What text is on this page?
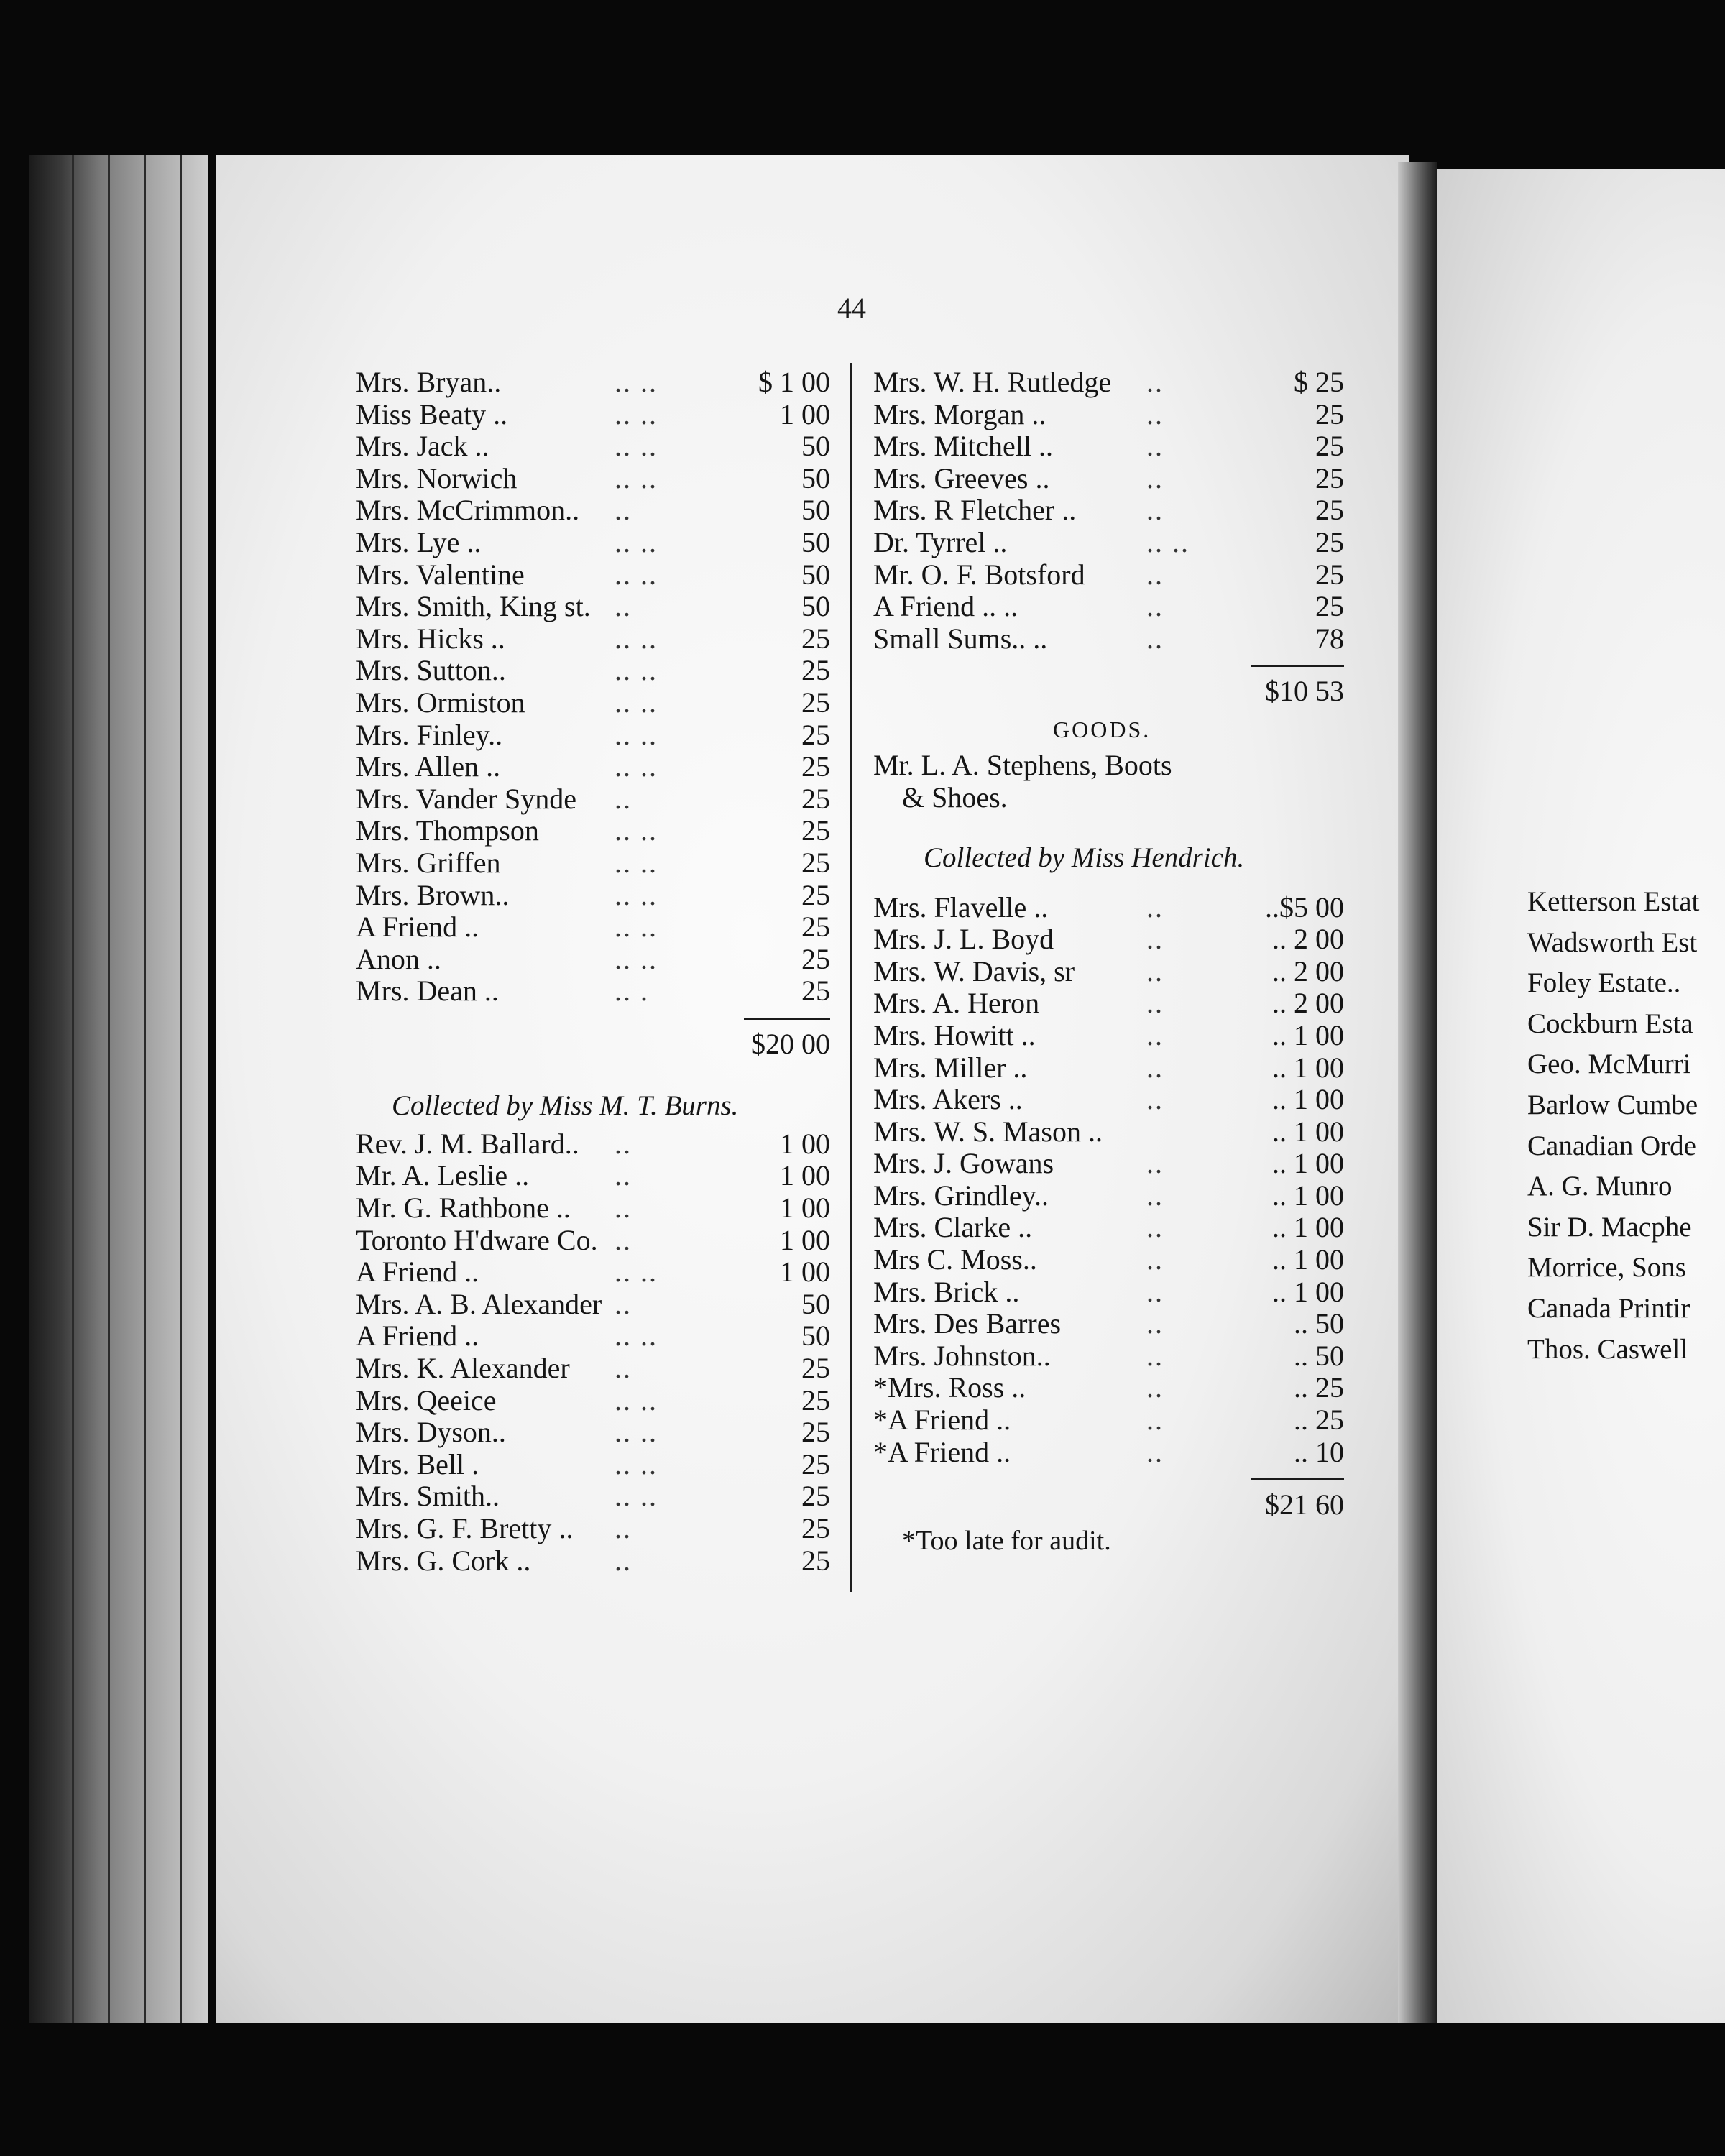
44
Mrs. Bryan..	.. ..	$ 1 00
Miss Beaty ..	.. ..	1 00
Mrs. Jack ..	.. ..	50
Mrs. Norwich	.. ..	50
Mrs. McCrimmon.. ..	50
Mrs. Lye ..	.. ..	50
Mrs. Valentine	.. ..	50
Mrs. Smith, King st. ..	50
Mrs. Hicks ..	.. ..	25
Mrs. Sutton..	.. ..	25
Mrs. Ormiston	.. ..	25
Mrs. Finley..	.. ..	25
Mrs. Allen ..	.. ..	25
Mrs. Vander Synde ..	25
Mrs. Thompson	.. ..	25
Mrs. Griffen	.. ..	25
Mrs. Brown..	.. ..	25
A Friend ..	.. ..	25
Anon ..	.. ..	25
Mrs. Dean ..	.. .	25
$20 00
Collected by Miss M. T. Burns.
Rev. J. M. Ballard.. ..	1 00
Mr. A. Leslie ..	..	1 00
Mr. G. Rathbone .. ..	1 00
Toronto H'dware Co. ..	1 00
A Friend ..	.. ..	1 00
Mrs. A. B. Alexander ..	50
A Friend ..	.. ..	50
Mrs. K. Alexander ..	25
Mrs. Qeeice	.. ..	25
Mrs. Dyson..	.. ..	25
Mrs. Bell .	.. ..	25
Mrs. Smith..	.. ..	25
Mrs. G. F. Bretty .. ..	25
Mrs. G. Cork ..	..	25
Mrs. W. H. Rutledge ..	$ 25
Mrs. Morgan ..	..	25
Mrs. Mitchell ..	..	25
Mrs. Greeves ..	..	25
Mrs. R Fletcher .. ..	25
Dr. Tyrrel ..	.. ..	25
Mr. O. F. Botsford ..	25
A Friend .. ..	..	25
Small Sums.. ..	..	78
$10 53
GOODS.
Mr. L. A. Stephens, Boots
& Shoes.
Collected by Miss Hendrich.
Mrs. Flavelle ..	..	..$5 00
Mrs. J. L. Boyd	..	.. 2 00
Mrs. W. Davis, sr ..	.. 2 00
Mrs. A. Heron	..	.. 2 00
Mrs. Howitt ..	..	.. 1 00
Mrs. Miller ..	..	.. 1 00
Mrs. Akers ..	..	.. 1 00
Mrs. W. S. Mason ..	.. 1 00
Mrs. J. Gowans	..	.. 1 00
Mrs. Grindley..	..	.. 1 00
Mrs. Clarke ..	..	.. 1 00
Mrs C. Moss..	..	.. 1 00
Mrs. Brick ..	..	.. 1 00
Mrs. Des Barres	..	.. 50
Mrs. Johnston..	..	.. 50
*Mrs. Ross ..	..	.. 25
*A Friend ..	..	.. 25
*A Friend ..	..	.. 10
$21 60
*Too late for audit.
Ketterson Estat
Wadsworth Est
Foley Estate..
Cockburn Esta
Geo. McMurri
Barlow Cumbe
Canadian Orde
A. G. Munro
Sir D. Macphe
Morrice, Sons
Canada Printir
Thos. Caswell
